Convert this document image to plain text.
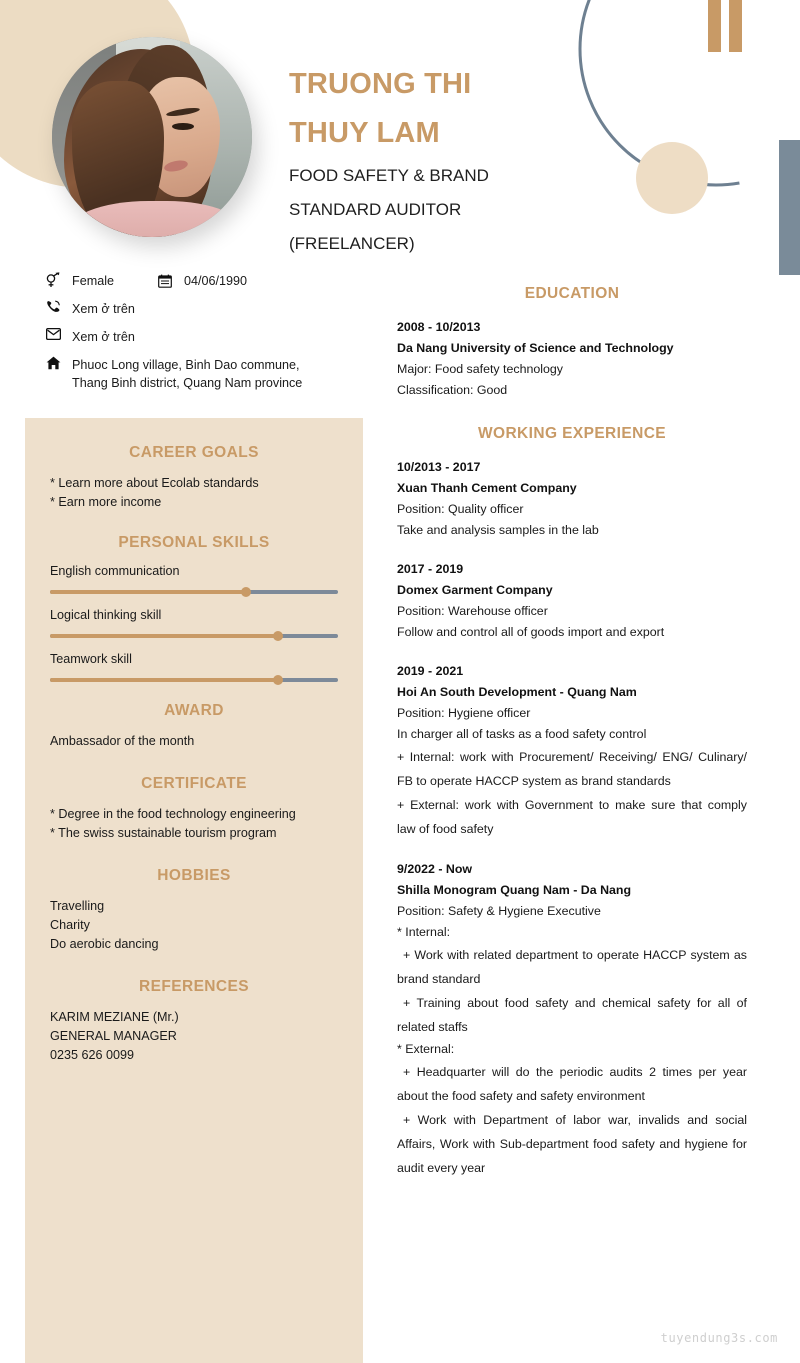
TRUONG THI
THUY LAM
FOOD SAFETY & BRAND
STANDARD AUDITOR
(FREELANCER)
Female	04/06/1990
Xem ở trên
Xem ở trên
Phuoc Long village, Binh Dao commune,
Thang Binh district, Quang Nam province
CAREER GOALS
* Learn more about Ecolab standards
* Earn more income
PERSONAL SKILLS
English communication
Logical thinking skill
Teamwork skill
AWARD
Ambassador of the month
CERTIFICATE
* Degree in the food technology engineering
* The swiss sustainable tourism program
HOBBIES
Travelling
Charity
Do aerobic dancing
REFERENCES
KARIM MEZIANE (Mr.)
GENERAL MANAGER
0235 626 0099
EDUCATION
2008 - 10/2013
Da Nang University of Science and Technology
Major: Food safety technology
Classification: Good
WORKING EXPERIENCE
10/2013 - 2017
Xuan Thanh Cement Company
Position: Quality officer
Take and analysis samples in the lab
2017 - 2019
Domex Garment Company
Position: Warehouse officer
Follow and control all of goods import and export
2019 - 2021
Hoi An South Development - Quang Nam
Position: Hygiene officer
In charger all of tasks as a food safety control
+ Internal: work with Procurement/ Receiving/ ENG/ Culinary/ FB to operate HACCP system as brand standards
+ External: work with Government to make sure that comply law of food safety
9/2022 - Now
Shilla Monogram Quang Nam - Da Nang
Position: Safety & Hygiene Executive
* Internal:
+ Work with related department to operate HACCP system as brand standard
+ Training about food safety and chemical safety for all of related staffs
* External:
+ Headquarter will do the periodic audits 2 times per year about the food safety and safety environment
+ Work with Department of labor war, invalids and social Affairs, Work with Sub-department food safety and hygiene for audit every year
tuyendung3s.com
